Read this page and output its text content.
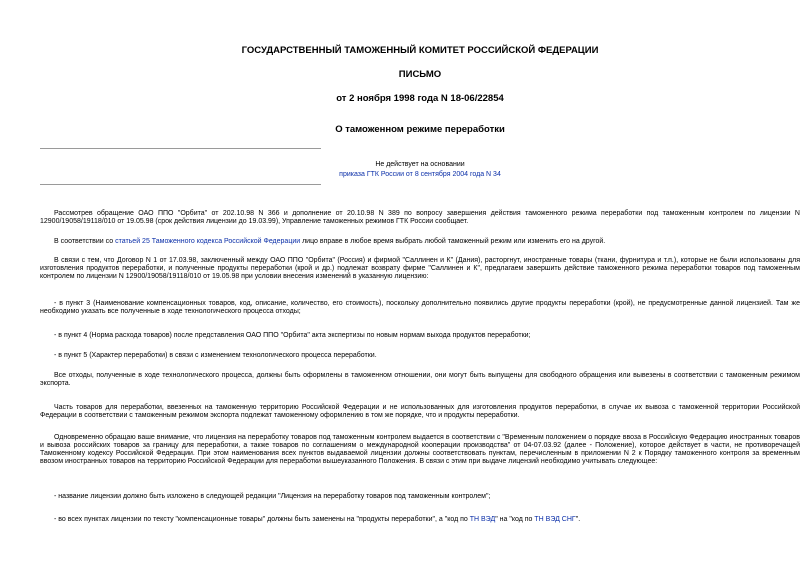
ГОСУДАРСТВЕННЫЙ ТАМОЖЕННЫЙ КОМИТЕТ РОССИЙСКОЙ ФЕДЕРАЦИИ

ПИСЬМО

от 2 ноября 1998 года N 18-06/22854

О таможенном режиме переработки

Не действует на основании
приказа ГТК России от 8 сентября 2004 года N 34

Рассмотрев обращение ОАО ППО "Орбита" от 202.10.98 N 366 и дополнение от 20.10.98 N 389 по вопросу завершения действия таможенного режима переработки под таможенным контролем по лицензии N 12900/19058/19118/010 от 19.05.98 (срок действия лицензии до 19.03.99), Управление таможенных режимов ГТК России сообщает.

В соответствии со статьей 25 Таможенного кодекса Российской Федерации лицо вправе в любое время выбрать любой таможенный режим или изменить его на другой.

В связи с тем, что Договор N 1 от 17.03.98, заключенный между ОАО ППО "Орбита" (Россия) и фирмой "Саллинен и К" (Дания), расторгнут, иностранные товары (ткани, фурнитура и т.п.), которые не были использованы для изготовления продуктов переработки, и полученные продукты переработки (крой и др.) подлежат возврату фирме "Саллинен и К", предлагаем завершить действие таможенного режима переработки товаров под таможенным контролем по лицензии N 12900/19058/19118/010 от 19.05.98 при условии внесения изменений в указанную лицензию:

- в пункт 3 (Наименование компенсационных товаров, код, описание, количество, его стоимость), поскольку дополнительно появились другие продукты переработки (крой), не предусмотренные данной лицензией. Там же необходимо указать все полученные в ходе технологического процесса отходы;

- в пункт 4 (Норма расхода товаров) после представления ОАО ППО "Орбита" акта экспертизы по новым нормам выхода продуктов переработки;

- в пункт 5 (Характер переработки) в связи с изменением технологического процесса переработки.

Все отходы, полученные в ходе технологического процесса, должны быть оформлены в таможенном отношении, они могут быть выпущены для свободного обращения или вывезены в соответствии с таможенным режимом экспорта.

Часть товаров для переработки, ввезенных на таможенную территорию Российской Федерации и не использованных для изготовления продуктов переработки, в случае их вывоза с таможенной территории Российской Федерации в соответствии с таможенным режимом экспорта подлежат таможенному оформлению в том же порядке, что и продукты переработки.

Одновременно обращаю ваше внимание, что лицензия на переработку товаров под таможенным контролем выдается в соответствии с "Временным положением о порядке ввоза в Российскую Федерацию иностранных товаров и вывоза российских товаров за границу для переработки, а также товаров по соглашениям о международной кооперации производства" от 04-07.03.92 (далее - Положение), которое действует в части, не противоречащей Таможенному кодексу Российской Федерации. При этом наименования всех пунктов выдаваемой лицензии должны соответствовать пунктам, перечисленным в приложении N 2 к Порядку таможенного контроля за временным ввозом иностранных товаров на территорию Российской Федерации для переработки вышеуказанного Положения. В связи с этим при выдаче лицензий необходимо учитывать следующее:

- название лицензии должно быть изложено в следующей редакции "Лицензия на переработку товаров под таможенным контролем";

- во всех пунктах лицензии по тексту "компенсационные товары" должны быть заменены на "продукты переработки", а "код по ТН ВЭД" на "код по ТН ВЭД СНГ".
